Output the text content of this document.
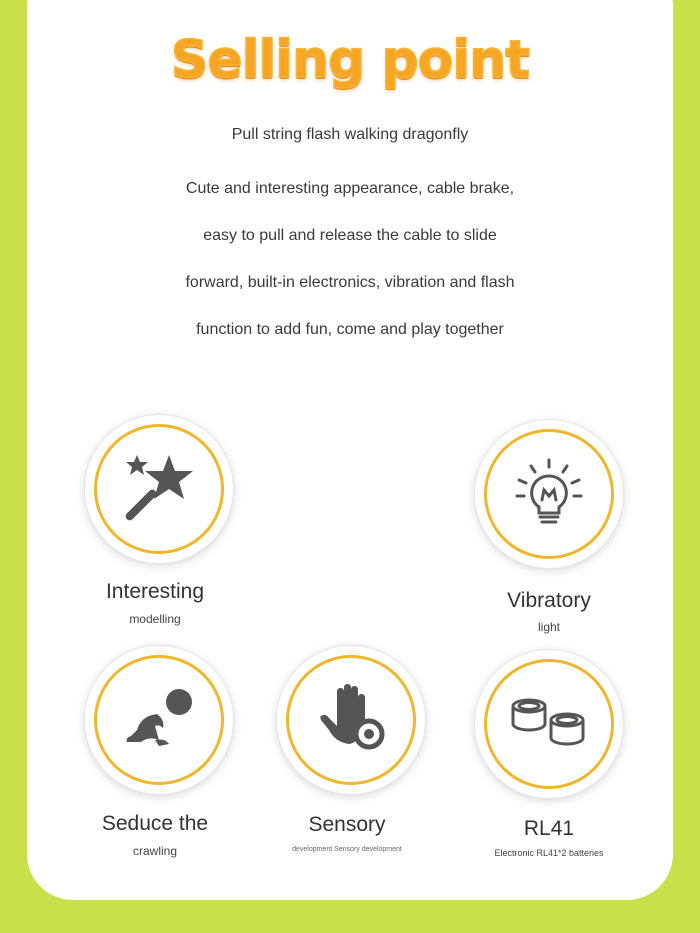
Selling point
Pull string flash walking dragonfly
Cute and interesting appearance, cable brake,
easy to pull and release the cable to slide
forward, built-in electronics, vibration and flash
function to add fun, come and play together
Interesting
modelling
Vibratory
light
Seduce the
crawling
Sensory
development Sensory development
RL41
Electronic RL41*2 batteries
